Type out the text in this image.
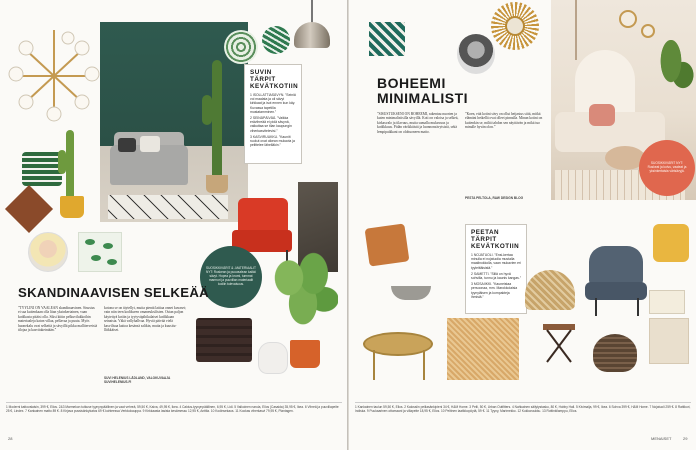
SUVIN TÄRPIT KEVÄTKOTIIN
1 ISOLLATTIASÄVYN. ”Seiniä voi maalata ja oli sävyt kirkkaat ja isot ennen kun käy. Kuvassa tapetilla mustatamminen.”
2 SEINÄPÄIVÄÄ. ”Vaikka erävihreää ei pidä sävynä, vaikuttaa se tilan kaupungin viherkasvitelevisi.”
3 KASVIRUUKKU. ”Kauniit ruukut ovat oikean mukavia ja pelittelee lähelläkin.”
SUOSIKKIVÄRIT & -MATERIAALIT NYT: Ruskean ja puuvaalean kaikki sävyt. Hopea ja kromi, tummat marmori ja puuvillan materiaalit kodiin tulevaisuus.
SKANDINAAVISEN SELKEÄÄ
”TYYLINI ON VAALEAN skandinaavinen. Sisustus ei saa kuitenkaan olla liian yksinkertainen, vaan kodikasta pitäisi olla. Siksi kiitin pelkuvilukkoihin materiaaleja katon villaa, pellavaa ja puuta. Myös huonekalu ovat selkeitä ja sävyillä pikku malliterveisiä tilojaa ja kasvitakeintään.”
kotona se on täytellyt, mutta pientä lattiaa onnet kuvaset; vain niin teen kodikseen omaneuksilisten. Ostan paljon käytettyä kotiin ja tyytyväpihikalaiset kodikkaan seinaista. Väkä vallyhallvaa. Hyviä päivää vielä kasvilisaa kattoa kesänsä salikin, mutta ja kuusitu-lliikkäiset.
SUVI HELENIUS LÄDLAND, VALOKUVAAJA SUVIHELENIUS.FI
1 Moderni kattovalaisin, 399 €, Ellos. 2&3 Marmekon tutkuse tyynynpäällinen ja vaat vehreä, 59,50 €, Kaiva, 49,95 €, Ikea. 4 Caktus-tyynynpäällinen, 6,95 €, Lidl. 5 Valkoinen narula, Ellos (Casaida) 35,95 €, Ikea. 6 Vihreä ja puuvillapeite 25 €, Lindex. 7 Kankainen matto 89 €. 8 Kirjava pussisänkykatos 69 € kohteessa Verkkokauppa. 9 Kirkkaasta lasista kesämessu 12,95 €, Anttila. 10 Kodinsekaus. 11 Kookas viherkasvi 79,95 €, Plantagen.
28
BOHEEMI MINIMALISTI
”SISUSTUKSENI ON BOHEEMI, rakentuu nuorten ja kuten minimalistisilla sävyillä. Koti on valoisa ja selkeä, kirkasvalo ja tilavuus, mutta samalla mukavuus ja kodikkuus. Pidän värikkäistä ja luonnonsävyisistä, sekä lempipaikkani on olohuoneen matto.
”Koen, että kotini sävy on ollut heijastus siitä, mitkä elämäni hetkellä ovat olleet pinnalla. Minun kotini on kuitenkin se, miltä tahdon sen näyttävän ja mikä tuo minulle hyvän olon.”
PESTA PELTOLA, RAW DESIGN BLOG
SUOSIKKIVÄRIT NYT: Ruskeat ja koivu, vaaleat ja yksinkertaisia värisävyjä.
PEETAN TÄRPIT KEVÄTKOTIIN
1 NOJATUOLI. ”Ensi-kertaa minulla ei nojatuolia mustalla maalinokkolla, vaan mukavien eri tyyleittäisistä.”
2 SAMETTI. ”Sillä on hyvä sohvilla, tunnu ja kaunis kangas.”
3 MOSAIIKKI. ”Kauneistaa persoonaa, mm. Marokkolaisia tyynyiäisen ja kompakteja ihmisiä.”
1 Kankainen taulun 59,50 €, Ellos. 2 Kalossiin peiliasänkipieni 34 €, H&M Home. 3 Peili, 50 €, Urban Outfitters. 4 Nahkainen säilytystasku, 80 €, Hobby Hall. 5 Kivimalja, 99 €, Ikea. 6 Sohva 399 €, H&M Home. 7 Nojatuoli 259 €. 8 Rattikori, Indiska. 9 Puukaarinen ottomaani ja villapeite 18,95 €, Ellos. 10 Peltinen laatikkopöytä, 59 €. 11 Tyyny, Marimekko. 12 Kukkaruukku. 13 Rottinkilamppu, Ellos.
MENAISET	29
